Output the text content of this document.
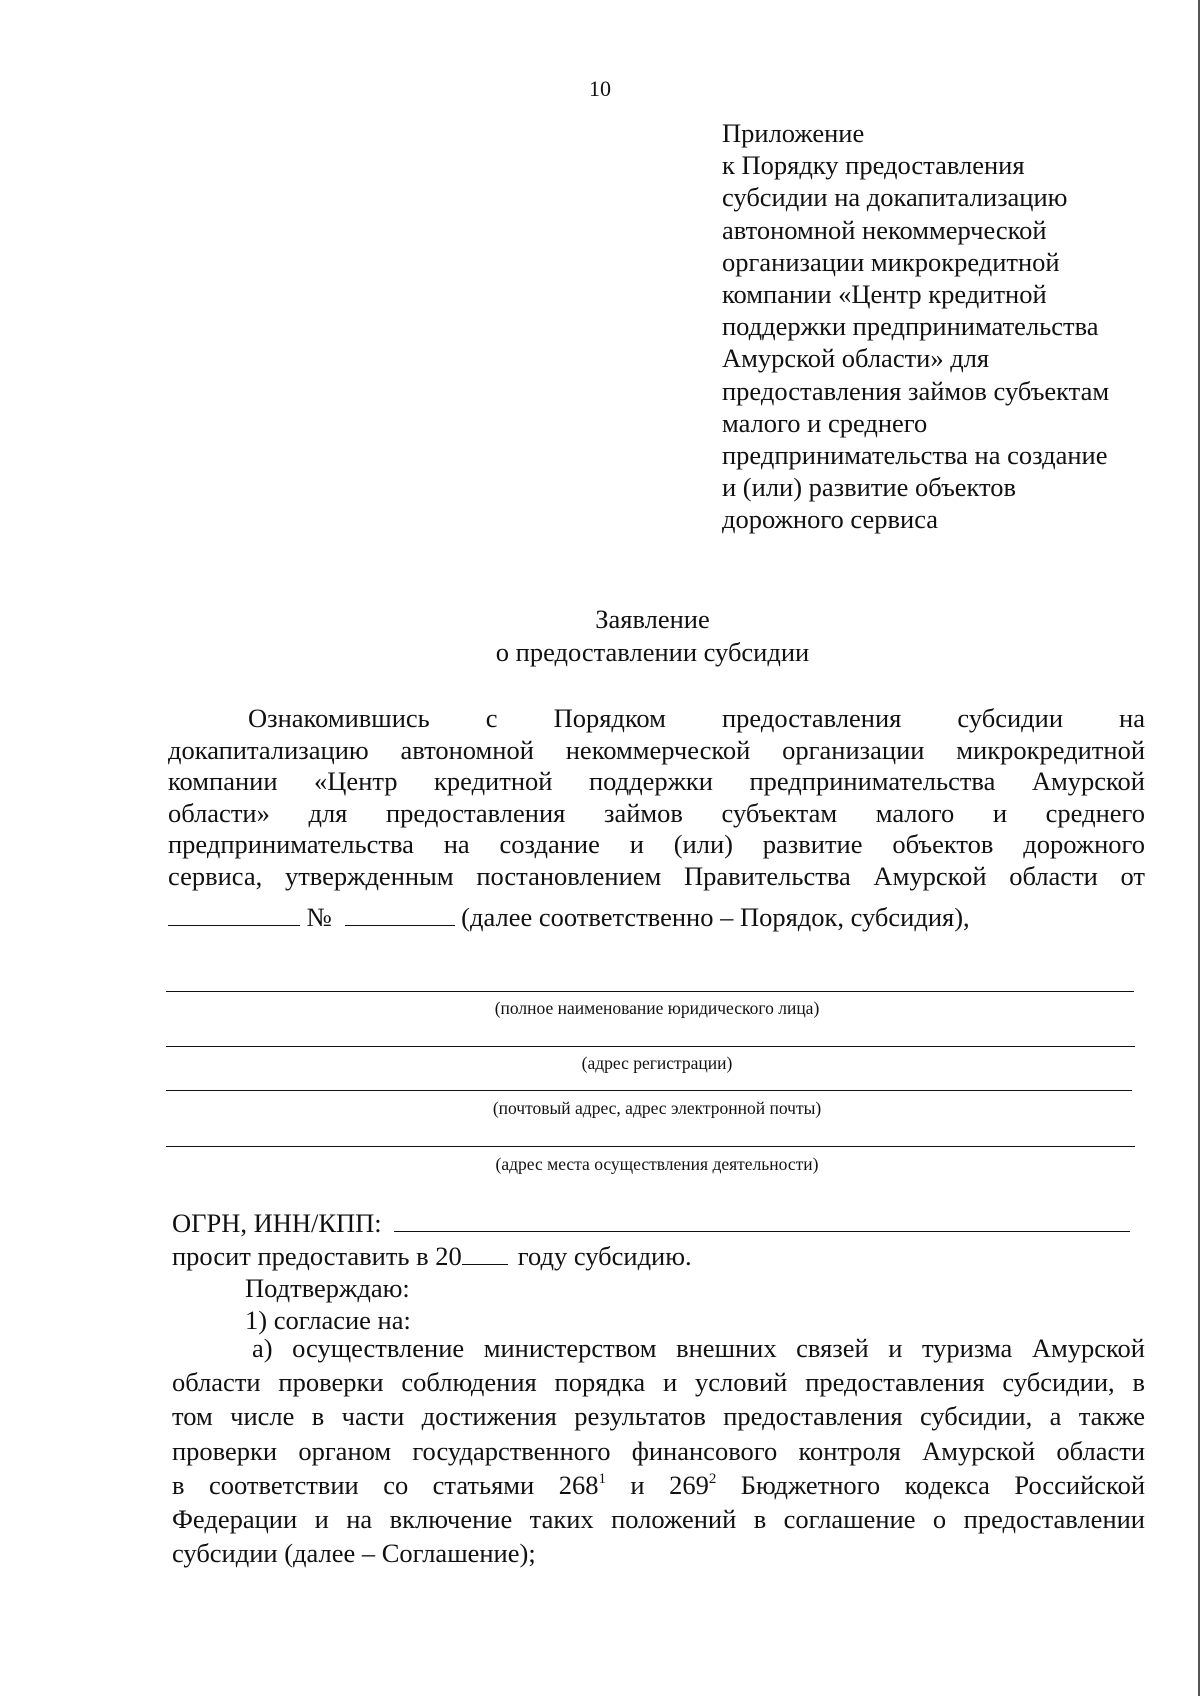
10
Приложение
к Порядку предоставления
субсидии на докапитализацию
автономной некоммерческой
организации микрокредитной
компании «Центр кредитной
поддержки предпринимательства
Амурской области» для
предоставления займов субъектам
малого и среднего
предпринимательства на создание
и (или) развитие объектов
дорожного сервиса
Заявление
о предоставлении субсидии
Ознакомившись с Порядком предоставления субсидии на
докапитализацию автономной некоммерческой организации микрокредитной
компании «Центр кредитной поддержки предпринимательства Амурской
области» для предоставления займов субъектам малого и среднего
предпринимательства на создание и (или) развитие объектов дорожного
сервиса, утвержденным постановлением Правительства Амурской области от
№	(далее соответственно – Порядок, субсидия),
(полное наименование юридического лица)
(адрес регистрации)
(почтовый адрес, адрес электронной почты)
(адрес места осуществления деятельности)
ОГРН, ИНН/КПП:
просит предоставить в 20 году субсидию.
Подтверждаю:
1) согласие на:
а) осуществление министерством внешних связей и туризма Амурской
области проверки соблюдения порядка и условий предоставления субсидии, в
том числе в части достижения результатов предоставления субсидии, а также
проверки органом государственного финансового контроля Амурской области
в соответствии со статьями $268^1$ и $269^2$ Бюджетного кодекса Российской
Федерации и на включение таких положений в соглашение о предоставлении
субсидии (далее – Соглашение);
